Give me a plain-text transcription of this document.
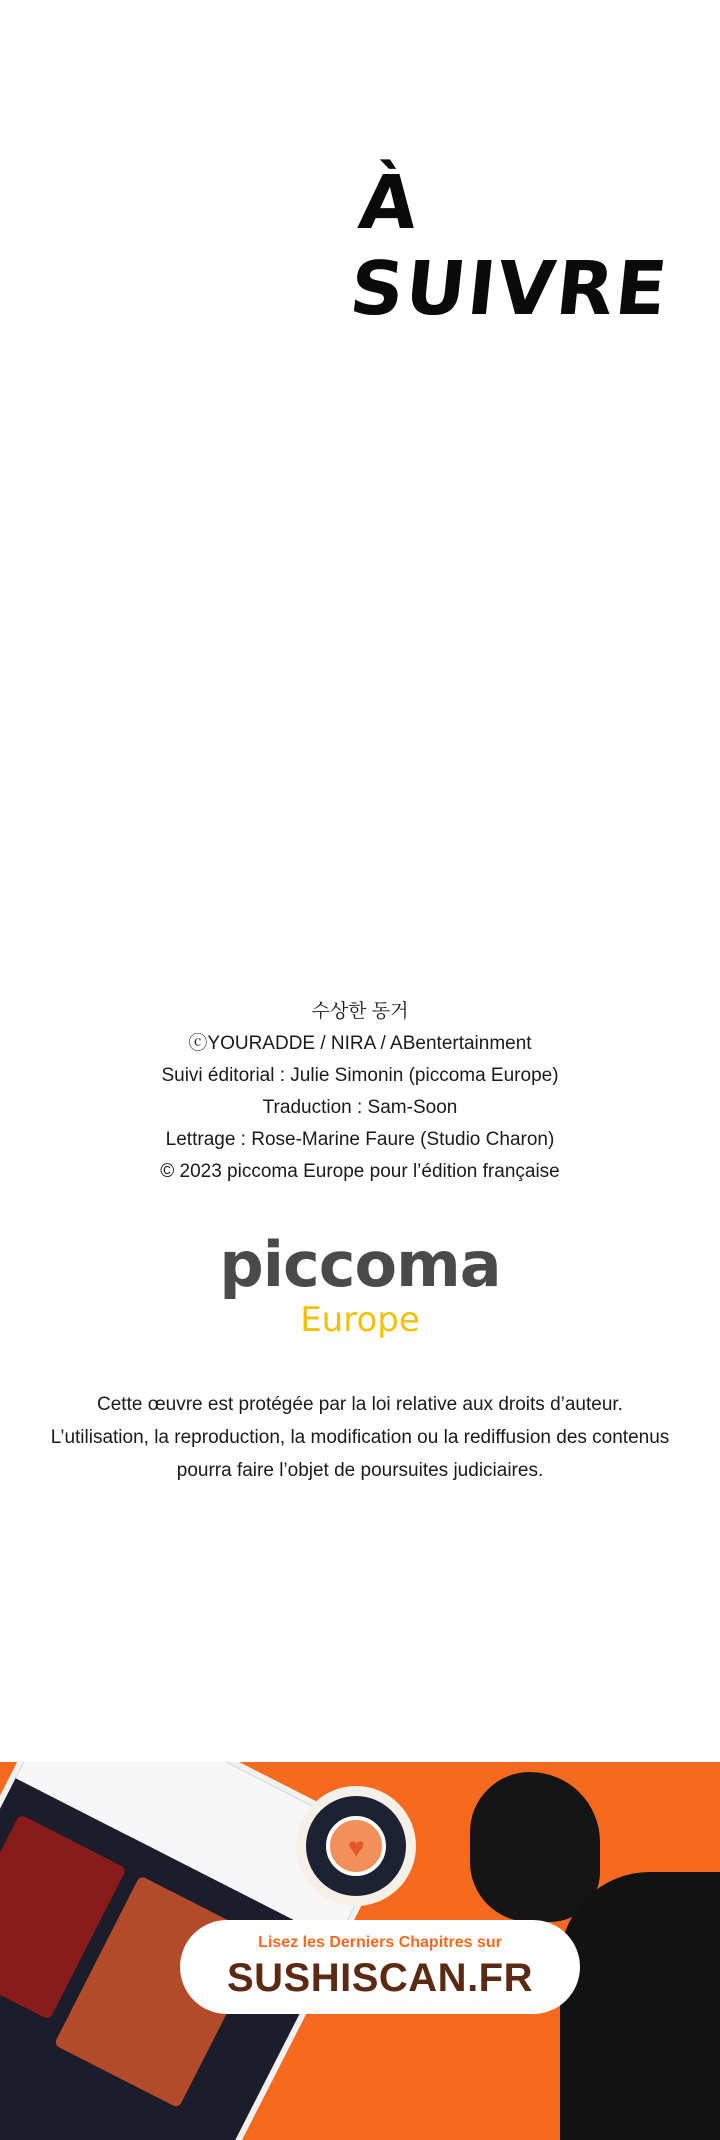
À SUIVRE
수상한 동거
ⓒYOURADDE / NIRA / ABentertainment
Suivi éditorial : Julie Simonin (piccoma Europe)
Traduction : Sam-Soon
Lettrage : Rose-Marine Faure (Studio Charon)
© 2023 piccoma Europe pour l’édition française
piccoma
Europe
Cette œuvre est protégée par la loi relative aux droits d’auteur.
L’utilisation, la reproduction, la modification ou la rediffusion des contenus
pourra faire l’objet de poursuites judiciaires.
♥
Lisez les Derniers Chapitres sur
SUSHISCAN.FR
